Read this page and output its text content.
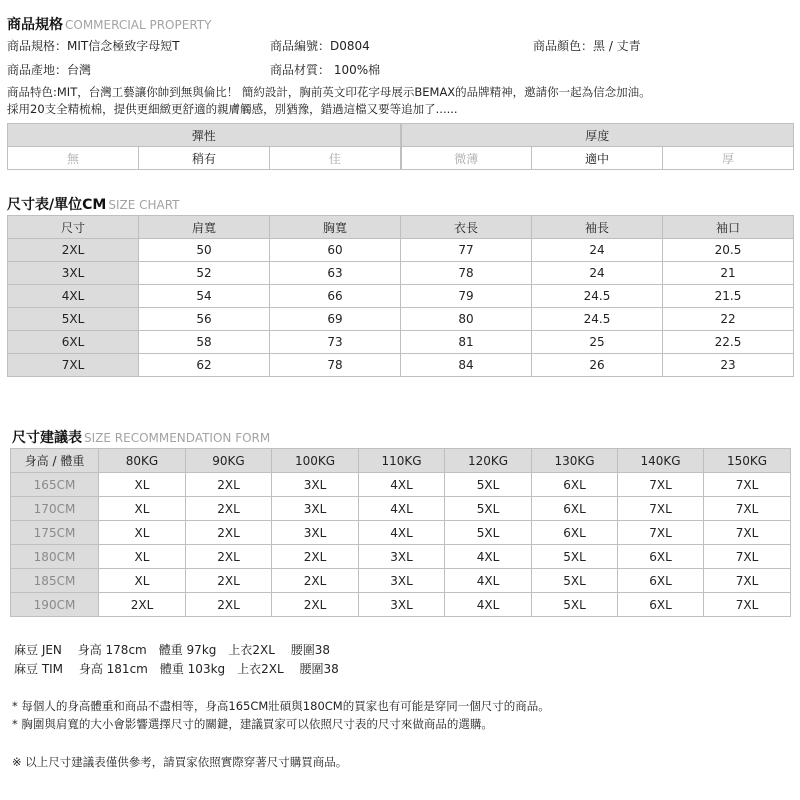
商品規格 COMMERCIAL PROPERTY
商品規格：MIT信念極致字母短T	商品編號：D0804	商品顏色：黑 / 丈青
商品產地：台灣	商品材質： 100%棉
商品特色:MIT，台灣工藝讓你帥到無與倫比！ 簡約設計，胸前英文印花字母展示BEMAX的品牌精神，邀請你一起為信念加油。
採用20支全精梳棉，提供更細緻更舒適的親膚觸感，別猶豫，錯過這檔又要等追加了......
彈性			厚度		
無	稍有	佳	微薄	適中	厚
尺寸表/單位CM SIZE CHART
尺寸	肩寬	胸寬	衣長	袖長	袖口
2XL	50	60	77	24	20.5
3XL	52	63	78	24	21
4XL	54	66	79	24.5	21.5
5XL	56	69	80	24.5	22
6XL	58	73	81	25	22.5
7XL	62	78	84	26	23
尺寸建議表 SIZE RECOMMENDATION FORM
身高 / 體重	80KG	90KG	100KG	110KG	120KG	130KG	140KG	150KG
165CM	XL	2XL	3XL	4XL	5XL	6XL	7XL	7XL
170CM	XL	2XL	3XL	4XL	5XL	6XL	7XL	7XL
175CM	XL	2XL	3XL	4XL	5XL	6XL	7XL	7XL
180CM	XL	2XL	2XL	3XL	4XL	5XL	6XL	7XL
185CM	XL	2XL	2XL	3XL	4XL	5XL	6XL	7XL
190CM	2XL	2XL	2XL	3XL	4XL	5XL	6XL	7XL
麻豆 JEN　 身高 178cm　體重 97kg　上衣2XL　 腰圍38
麻豆 TIM　 身高 181cm　體重 103kg　上衣2XL　 腰圍38
* 每個人的身高體重和商品不盡相等，身高165CM壯碩與180CM的買家也有可能是穿同一個尺寸的商品。
* 胸圍與肩寬的大小會影響選擇尺寸的關鍵，建議買家可以依照尺寸表的尺寸來做商品的選購。
※ 以上尺寸建議表僅供參考，請買家依照實際穿著尺寸購買商品。
